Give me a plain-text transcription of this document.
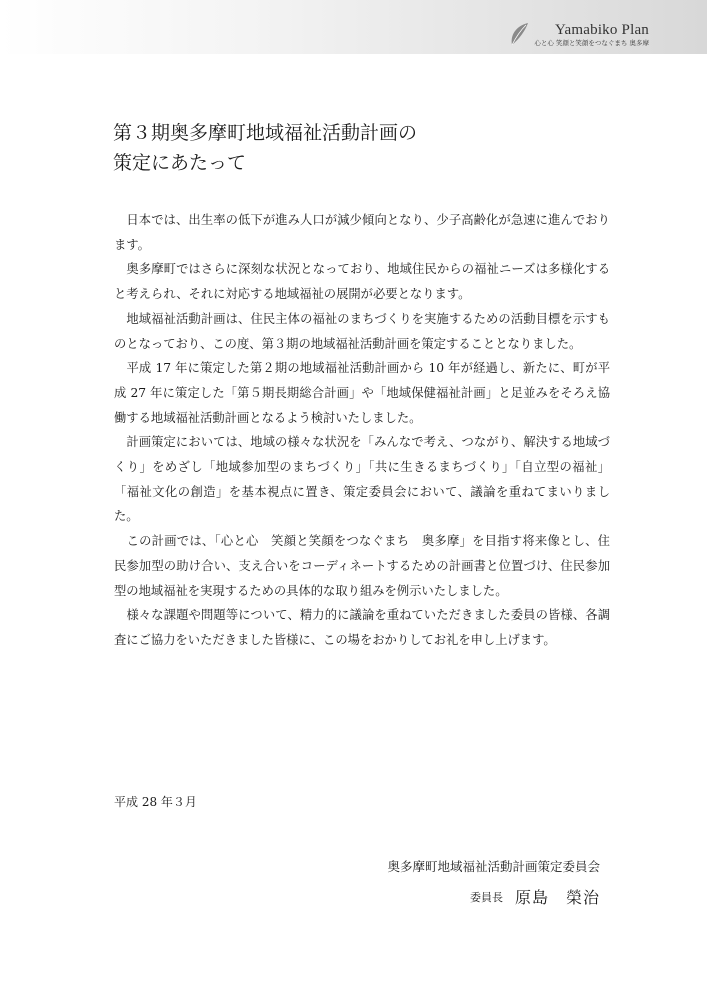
Yamabiko Plan
心と心 笑顔と笑顔をつなぐまち 奥多摩
第３期奥多摩町地域福祉活動計画の
策定にあたって

　日本では、出生率の低下が進み人口が減少傾向となり、少子高齢化が急速に進んでおります。

　奥多摩町ではさらに深刻な状況となっており、地域住民からの福祉ニーズは多様化すると考えられ、それに対応する地域福祉の展開が必要となります。

　地域福祉活動計画は、住民主体の福祉のまちづくりを実施するための活動目標を示すものとなっており、この度、第３期の地域福祉活動計画を策定することとなりました。

　平成 17 年に策定した第２期の地域福祉活動計画から 10 年が経過し、新たに、町が平成 27 年に策定した「第５期長期総合計画」や「地域保健福祉計画」と足並みをそろえ協働する地域福祉活動計画となるよう検討いたしました。

　計画策定においては、地域の様々な状況を「みんなで考え、つながり、解決する地域づくり」をめざし「地域参加型のまちづくり」「共に生きるまちづくり」「自立型の福祉」「福祉文化の創造」を基本視点に置き、策定委員会において、議論を重ねてまいりました。

　この計画では、「心と心　笑顔と笑顔をつなぐまち　奥多摩」を目指す将来像とし、住民参加型の助け合い、支え合いをコーディネートするための計画書と位置づけ、住民参加型の地域福祉を実現するための具体的な取り組みを例示いたしました。

　様々な課題や問題等について、精力的に議論を重ねていただきました委員の皆様、各調査にご協力をいただきました皆様に、この場をおかりしてお礼を申し上げます。

平成 28 年３月
奥多摩町地域福祉活動計画策定委員会
委員長 原島　榮治
